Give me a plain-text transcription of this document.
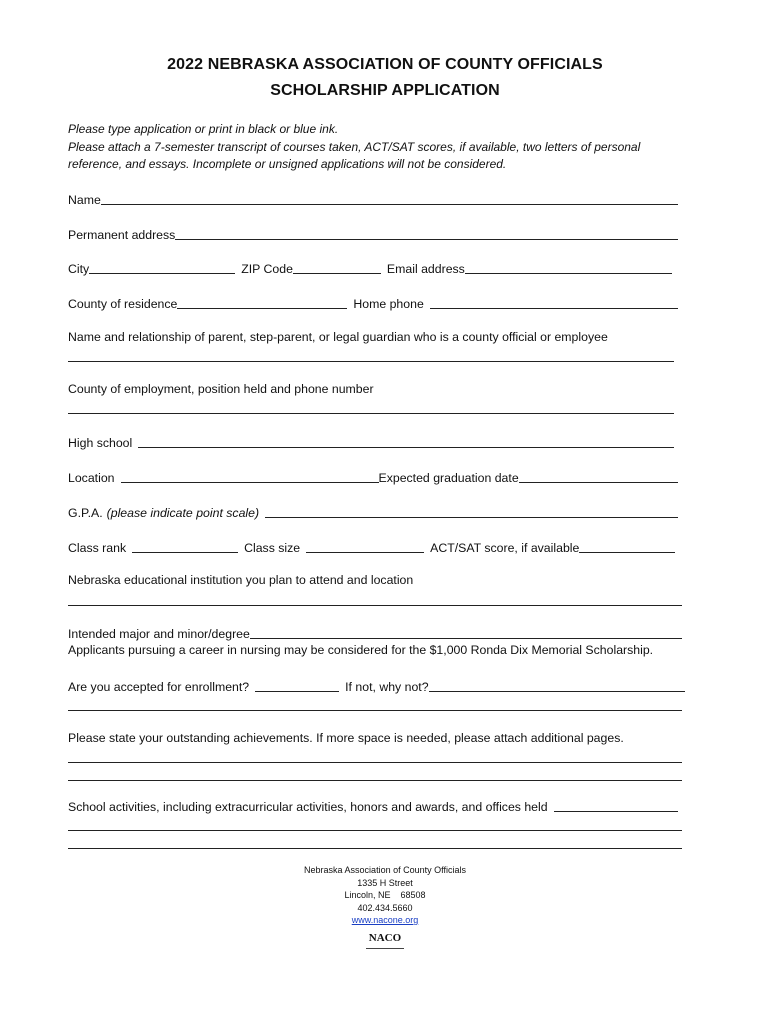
2022 NEBRASKA ASSOCIATION OF COUNTY OFFICIALS
SCHOLARSHIP APPLICATION
Please type application or print in black or blue ink.
Please attach a 7-semester transcript of courses taken, ACT/SAT scores, if available, two letters of personal
reference, and essays. Incomplete or unsigned applications will not be considered.
Name
Permanent address
City	ZIP Code	Email address
County of residence	Home phone
Name and relationship of parent, step-parent, or legal guardian who is a county official or employee
County of employment, position held and phone number
High school
Location	Expected graduation date
G.P.A. (please indicate point scale)
Class rank	Class size	ACT/SAT score, if available
Nebraska educational institution you plan to attend and location
Intended major and minor/degree
Applicants pursuing a career in nursing may be considered for the $1,000 Ronda Dix Memorial Scholarship.
Are you accepted for enrollment?	If not, why not?
Please state your outstanding achievements. If more space is needed, please attach additional pages.
School activities, including extracurricular activities, honors and awards, and offices held
Nebraska Association of County Officials
1335 H Street
Lincoln, NE    68508
402.434.5660
www.nacone.org
NACO
